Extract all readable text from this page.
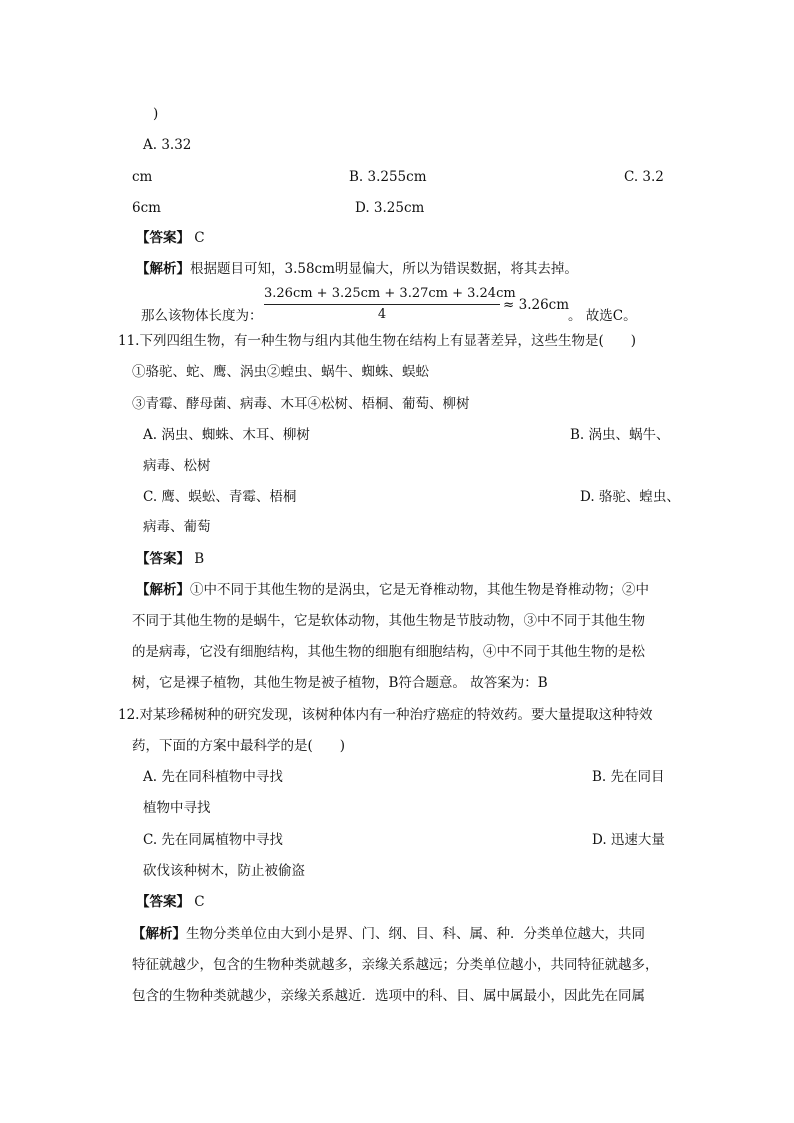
)
A. 3.32
cm	B. 3.255cm	C. 3.2
6cm	D. 3.25cm
【答案】 C
【解析】根据题目可知，3.58cm明显偏大，所以为错误数据，将其去掉。
那么该物体长度为：
3.26cm + 3.25cm + 3.27cm + 3.24cm
4
≈ 3.26cm
。 故选C。
11.下列四组生物，有一种生物与组内其他生物在结构上有显著差异，这些生物是(　　)
①骆驼、蛇、鹰、涡虫②蝗虫、蜗牛、蜘蛛、蜈蚣
③青霉、酵母菌、病毒、木耳④松树、梧桐、葡萄、柳树
A. 涡虫、蜘蛛、木耳、柳树	B. 涡虫、蜗牛、
病毒、松树
C. 鹰、蜈蚣、青霉、梧桐	D. 骆驼、蝗虫、
病毒、葡萄
【答案】 B
【解析】①中不同于其他生物的是涡虫，它是无脊椎动物，其他生物是脊椎动物；②中
不同于其他生物的是蜗牛，它是软体动物，其他生物是节肢动物，③中不同于其他生物
的是病毒，它没有细胞结构，其他生物的细胞有细胞结构，④中不同于其他生物的是松
树，它是裸子植物，其他生物是被子植物，B符合题意。 故答案为：B
12.对某珍稀树种的研究发现，该树种体内有一种治疗癌症的特效药。要大量提取这种特效
药，下面的方案中最科学的是(　　)
A. 先在同科植物中寻找	B. 先在同目
植物中寻找
C. 先在同属植物中寻找	D. 迅速大量
砍伐该种树木，防止被偷盗
【答案】 C
【解析】生物分类单位由大到小是界、门、纲、目、科、属、种．分类单位越大，共同
特征就越少，包含的生物种类就越多，亲缘关系越远；分类单位越小，共同特征就越多，
包含的生物种类就越少，亲缘关系越近．选项中的科、目、属中属最小，因此先在同属
